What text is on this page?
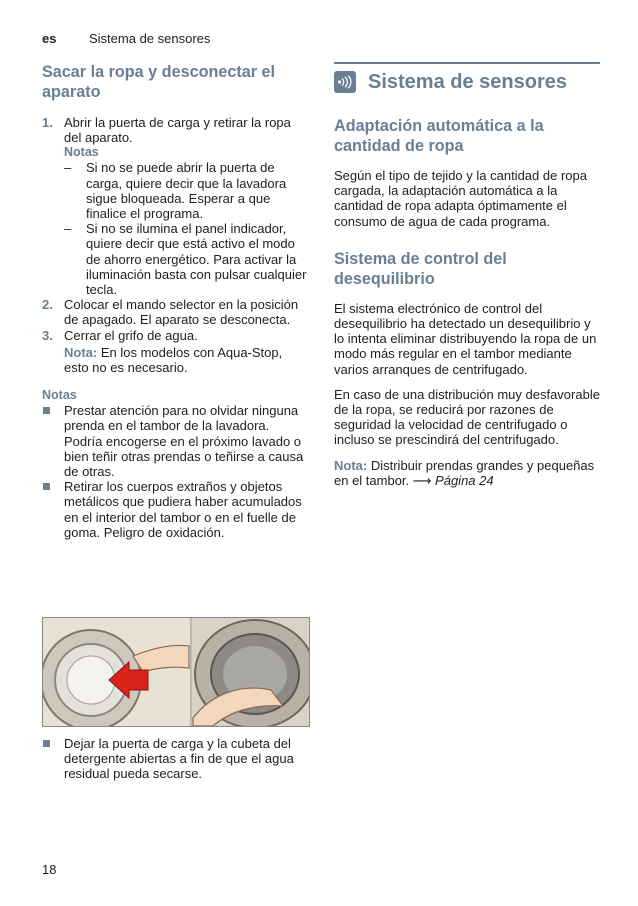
es	Sistema de sensores
Sacar la ropa y desconectar el aparato
1. Abrir la puerta de carga y retirar la ropa del aparato.
Notas
– Si no se puede abrir la puerta de carga, quiere decir que la lavadora sigue bloqueada. Esperar a que finalice el programa.
– Si no se ilumina el panel indicador, quiere decir que está activo el modo de ahorro energético. Para activar la iluminación basta con pulsar cualquier tecla.
2. Colocar el mando selector en la posición de apagado. El aparato se desconecta.
3. Cerrar el grifo de agua.
Nota: En los modelos con Aqua-Stop, esto no es necesario.
Notas
Prestar atención para no olvidar ninguna prenda en el tambor de la lavadora. Podría encogerse en el próximo lavado o bien teñir otras prendas o teñirse a causa de otras.
Retirar los cuerpos extraños y objetos metálicos que pudiera haber acumulados en el interior del tambor o en el fuelle de goma. Peligro de oxidación.
Dejar la puerta de carga y la cubeta del detergente abiertas a fin de que el agua residual pueda secarse.
Sistema de sensores
Adaptación automática a la cantidad de ropa

Según el tipo de tejido y la cantidad de ropa cargada, la adaptación automática a la cantidad de ropa adapta óptimamente el consumo de agua de cada programa.

Sistema de control del desequilibrio

El sistema electrónico de control del desequilibrio ha detectado un desequilibrio y lo intenta eliminar distribuyendo la ropa de un modo más regular en el tambor mediante varios arranques de centrifugado.

En caso de una distribución muy desfavorable de la ropa, se reducirá por razones de seguridad la velocidad de centrifugado o incluso se prescindirá del centrifugado.

Nota: Distribuir prendas grandes y pequeñas en el tambor. ⟶ Página 24

18
